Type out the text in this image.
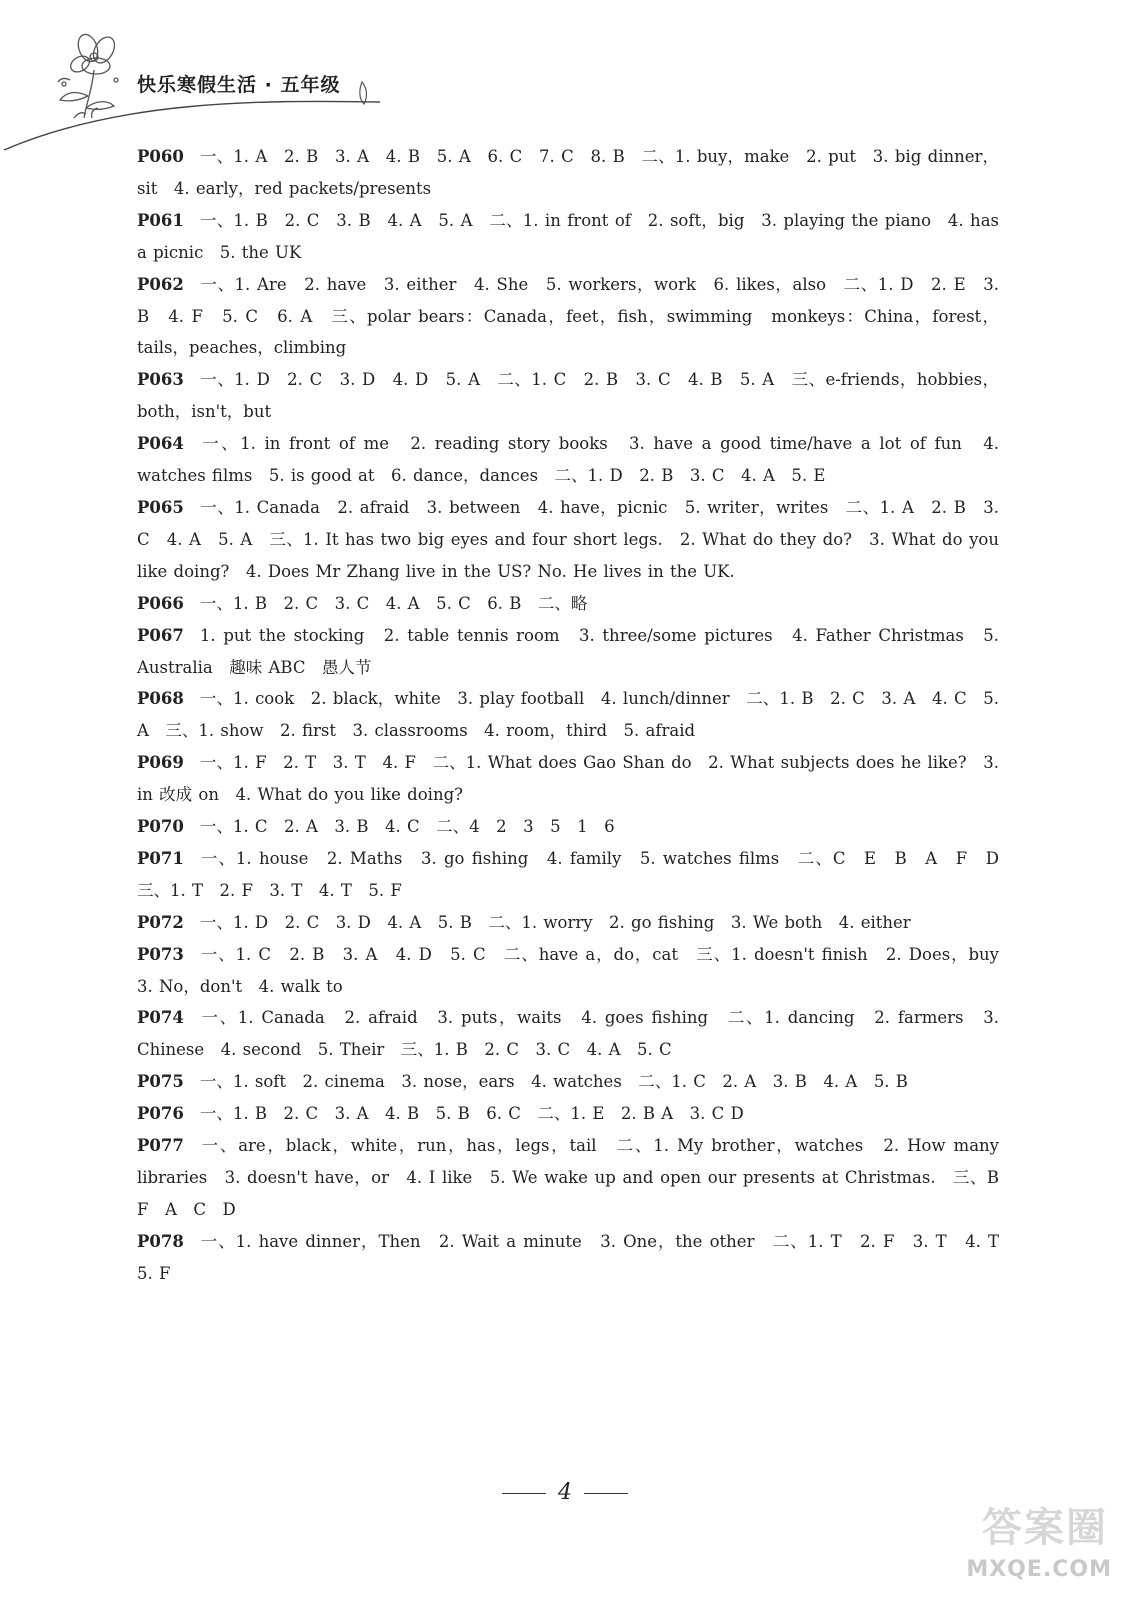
快乐寒假生活 · 五年级

P060 一、1. A　2. B　3. A　4. B　5. A　6. C　7. C　8. B　二、1. buy，make　2. put　3. big dinner，sit　4. early，red packets/presents

P061 一、1. B　2. C　3. B　4. A　5. A　二、1. in front of　2. soft，big　3. playing the piano　4. has a picnic　5. the UK

P062 一、1. Are　2. have　3. either　4. She　5. workers，work　6. likes，also　二、1. D　2. E　3. B　4. F　5. C　6. A　三、polar bears：Canada，feet，fish，swimming　monkeys：China，forest，tails，peaches，climbing

P063 一、1. D　2. C　3. D　4. D　5. A　二、1. C　2. B　3. C　4. B　5. A　三、e-friends，hobbies，both，isn't，but

P064 一、1. in front of me　2. reading story books　3. have a good time/have a lot of fun　4. watches films　5. is good at　6. dance，dances　二、1. D　2. B　3. C　4. A　5. E

P065 一、1. Canada　2. afraid　3. between　4. have，picnic　5. writer，writes　二、1. A　2. B　3. C　4. A　5. A　三、1. It has two big eyes and four short legs.　2. What do they do?　3. What do you like doing?　4. Does Mr Zhang live in the US? No. He lives in the UK.

P066 一、1. B　2. C　3. C　4. A　5. C　6. B　二、略

P067 1. put the stocking　2. table tennis room　3. three/some pictures　4. Father Christmas　5. Australia　趣味 ABC　愚人节

P068 一、1. cook　2. black，white　3. play football　4. lunch/dinner　二、1. B　2. C　3. A　4. C　5. A　三、1. show　2. first　3. classrooms　4. room，third　5. afraid

P069 一、1. F　2. T　3. T　4. F　二、1. What does Gao Shan do　2. What subjects does he like?　3. in 改成 on　4. What do you like doing?

P070 一、1. C　2. A　3. B　4. C　二、4　2　3　5　1　6

P071 一、1. house　2. Maths　3. go fishing　4. family　5. watches films　二、C　E　B　A　F　D　三、1. T　2. F　3. T　4. T　5. F

P072 一、1. D　2. C　3. D　4. A　5. B　二、1. worry　2. go fishing　3. We both　4. either

P073 一、1. C　2. B　3. A　4. D　5. C　二、have a，do，cat　三、1. doesn't finish　2. Does，buy　3. No，don't　4. walk to

P074 一、1. Canada　2. afraid　3. puts，waits　4. goes fishing　二、1. dancing　2. farmers　3. Chinese　4. second　5. Their　三、1. B　2. C　3. C　4. A　5. C

P075 一、1. soft　2. cinema　3. nose，ears　4. watches　二、1. C　2. A　3. B　4. A　5. B

P076 一、1. B　2. C　3. A　4. B　5. B　6. C　二、1. E　2. B A　3. C D

P077 一、are，black，white，run，has，legs，tail　二、1. My brother，watches　2. How many libraries　3. doesn't have，or　4. I like　5. We wake up and open our presents at Christmas.　三、B　F　A　C　D

P078 一、1. have dinner，Then　2. Wait a minute　3. One，the other　二、1. T　2. F　3. T　4. T　5. F

4
答案圈
MXQE.COM
